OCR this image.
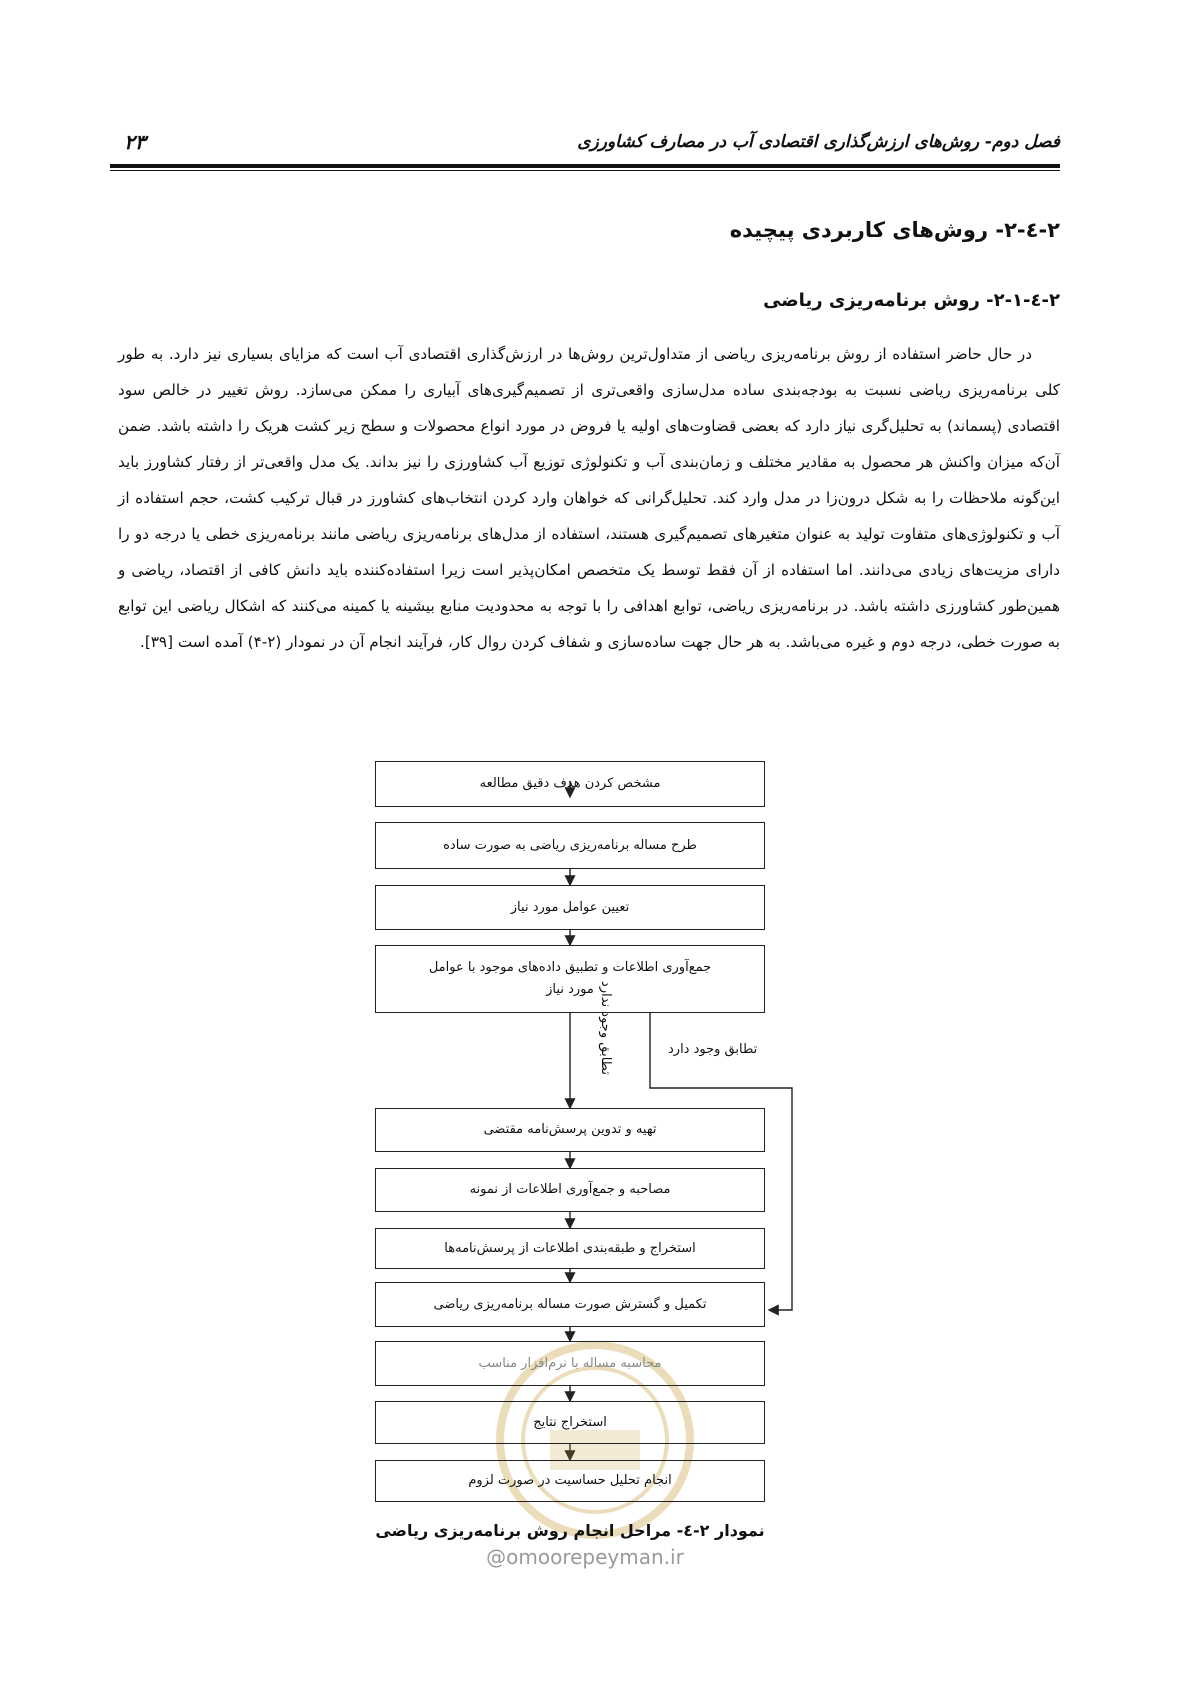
فصل دوم- روش‌های ارزش‌گذاری اقتصادی آب در مصارف کشاورزی
۲۳
۲-٤-۲- روش‌های کاربردی پیچیده
۲-٤-۲-۱- روش برنامه‌ریزی ریاضی
در حال حاضر استفاده از روش برنامه‌ریزی ریاضی از متداول‌ترین روش‌ها در ارزش‌گذاری اقتصادی آب است که مزایای بسیاری نیز دارد. به طور کلی برنامه‌ریزی ریاضی نسبت به بودجه‌بندی ساده مدل‌سازی واقعی‌تری از تصمیم‌گیری‌های آبیاری را ممکن می‌سازد. روش تغییر در خالص سود اقتصادی (پسماند) به تحلیل‌گری نیاز دارد که بعضی قضاوت‌های اولیه یا فروض در مورد انواع محصولات و سطح زیر کشت هریک را داشته باشد. ضمن آن‌که میزان واکنش هر محصول به مقادیر مختلف و زمان‌بندی آب و تکنولوژی توزیع آب کشاورزی را نیز بداند. یک مدل واقعی‌تر از رفتار کشاورز باید این‌گونه ملاحظات را به شکل درون‌زا در مدل وارد کند. تحلیل‌گرانی که خواهان وارد کردن انتخاب‌های کشاورز در قبال ترکیب کشت، حجم استفاده از آب و تکنولوژی‌های متفاوت تولید به عنوان متغیرهای تصمیم‌گیری هستند، استفاده از مدل‌های برنامه‌ریزی ریاضی مانند برنامه‌ریزی خطی یا درجه دو را دارای مزیت‌های زیادی می‌دانند. اما استفاده از آن فقط توسط یک متخصص امکان‌پذیر است زیرا استفاده‌کننده باید دانش کافی از اقتصاد، ریاضی و همین‌طور کشاورزی داشته باشد. در برنامه‌ریزی ریاضی، توابع اهدافی را با توجه به محدودیت منابع بیشینه یا کمینه می‌کنند که اشکال ریاضی این توابع به صورت خطی، درجه دوم و غیره می‌باشد. به هر حال جهت ساده‌سازی و شفاف کردن روال کار، فرآیند انجام آن در نمودار (۲-۴) آمده است [۳۹].
مشخص کردن هدف دقیق مطالعه
طرح مساله برنامه‌ریزی ریاضی به صورت ساده
تعیین عوامل مورد نیاز
جمع‌آوری اطلاعات و تطبیق داده‌های موجود با عوامل مورد نیاز
تهیه و تدوین پرسش‌نامه مقتضی
مصاحبه و جمع‌آوری اطلاعات از نمونه
استخراج و طبقه‌بندی اطلاعات از پرسش‌نامه‌ها
تکمیل و گسترش صورت مساله برنامه‌ریزی ریاضی
محاسبه مساله با نرم‌افزار مناسب
استخراج نتایج
انجام تحلیل حساسیت در صورت لزوم
تطابق وجود دارد
تطابق وجود ندارد
نمودار ۲-٤- مراحل انجام روش برنامه‌ریزی ریاضی
@omoorepeyman.ir
